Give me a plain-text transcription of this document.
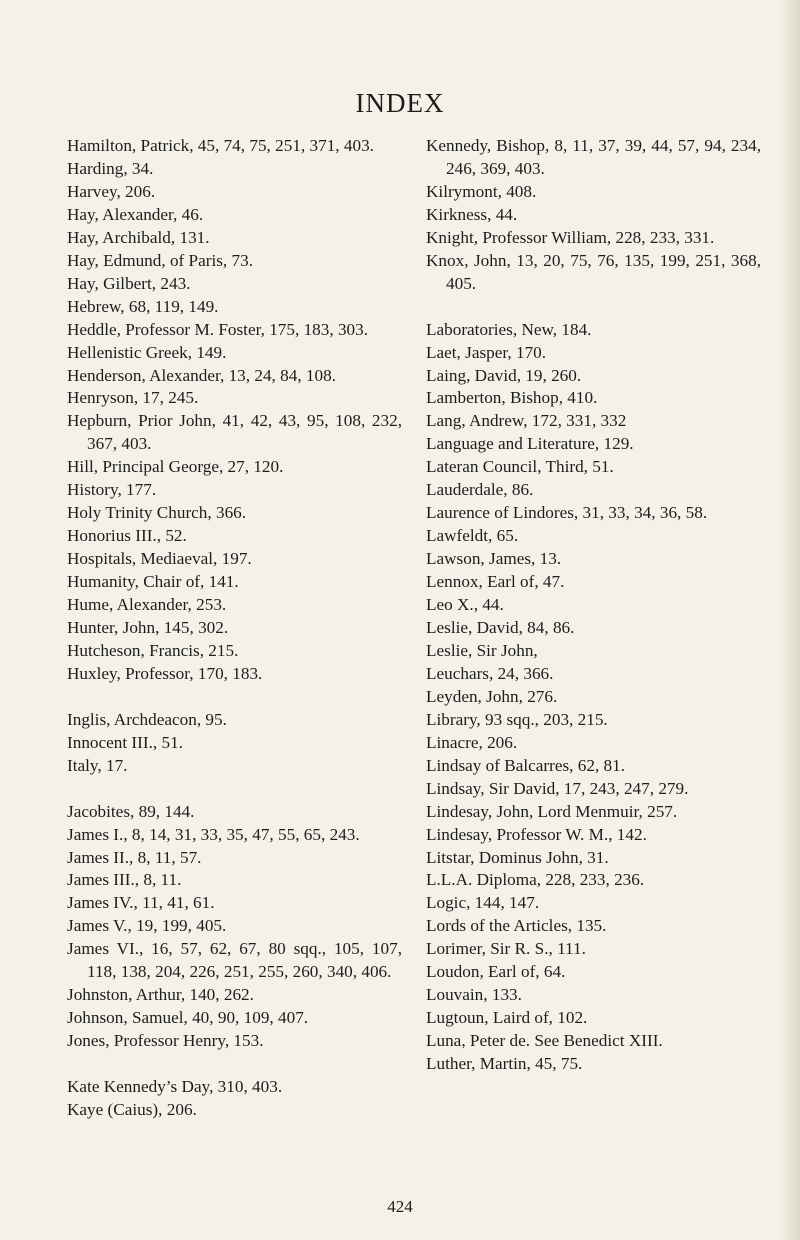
INDEX

Hamilton, Patrick, 45, 74, 75, 251, 371, 403.

Harding, 34.

Harvey, 206.

Hay, Alexander, 46.

Hay, Archibald, 131.

Hay, Edmund, of Paris, 73.

Hay, Gilbert, 243.

Hebrew, 68, 119, 149.

Heddle, Professor M. Foster, 175, 183, 303.

Hellenistic Greek, 149.

Henderson, Alexander, 13, 24, 84, 108.

Henryson, 17, 245.

Hepburn, Prior John, 41, 42, 43, 95, 108, 232, 367, 403.

Hill, Principal George, 27, 120.

History, 177.

Holy Trinity Church, 366.

Honorius III., 52.

Hospitals, Mediaeval, 197.

Humanity, Chair of, 141.

Hume, Alexander, 253.

Hunter, John, 145, 302.

Hutcheson, Francis, 215.

Huxley, Professor, 170, 183.

Inglis, Archdeacon, 95.

Innocent III., 51.

Italy, 17.

Jacobites, 89, 144.

James I., 8, 14, 31, 33, 35, 47, 55, 65, 243.

James II., 8, 11, 57.

James III., 8, 11.

James IV., 11, 41, 61.

James V., 19, 199, 405.

James VI., 16, 57, 62, 67, 80 sqq., 105, 107, 118, 138, 204, 226, 251, 255, 260, 340, 406.

Johnston, Arthur, 140, 262.

Johnson, Samuel, 40, 90, 109, 407.

Jones, Professor Henry, 153.

Kate Kennedy’s Day, 310, 403.

Kaye (Caius), 206.

Kennedy, Bishop, 8, 11, 37, 39, 44, 57, 94, 234, 246, 369, 403.

Kilrymont, 408.

Kirkness, 44.

Knight, Professor William, 228, 233, 331.

Knox, John, 13, 20, 75, 76, 135, 199, 251, 368, 405.

Laboratories, New, 184.

Laet, Jasper, 170.

Laing, David, 19, 260.

Lamberton, Bishop, 410.

Lang, Andrew, 172, 331, 332

Language and Literature, 129.

Lateran Council, Third, 51.

Lauderdale, 86.

Laurence of Lindores, 31, 33, 34, 36, 58.

Lawfeldt, 65.

Lawson, James, 13.

Lennox, Earl of, 47.

Leo X., 44.

Leslie, David, 84, 86.

Leslie, Sir John,

Leuchars, 24, 366.

Leyden, John, 276.

Library, 93 sqq., 203, 215.

Linacre, 206.

Lindsay of Balcarres, 62, 81.

Lindsay, Sir David, 17, 243, 247, 279.

Lindesay, John, Lord Menmuir, 257.

Lindesay, Professor W. M., 142.

Litstar, Dominus John, 31.

L.L.A. Diploma, 228, 233, 236.

Logic, 144, 147.

Lords of the Articles, 135.

Lorimer, Sir R. S., 111.

Loudon, Earl of, 64.

Louvain, 133.

Lugtoun, Laird of, 102.

Luna, Peter de. See Benedict XIII.

Luther, Martin, 45, 75.

424
